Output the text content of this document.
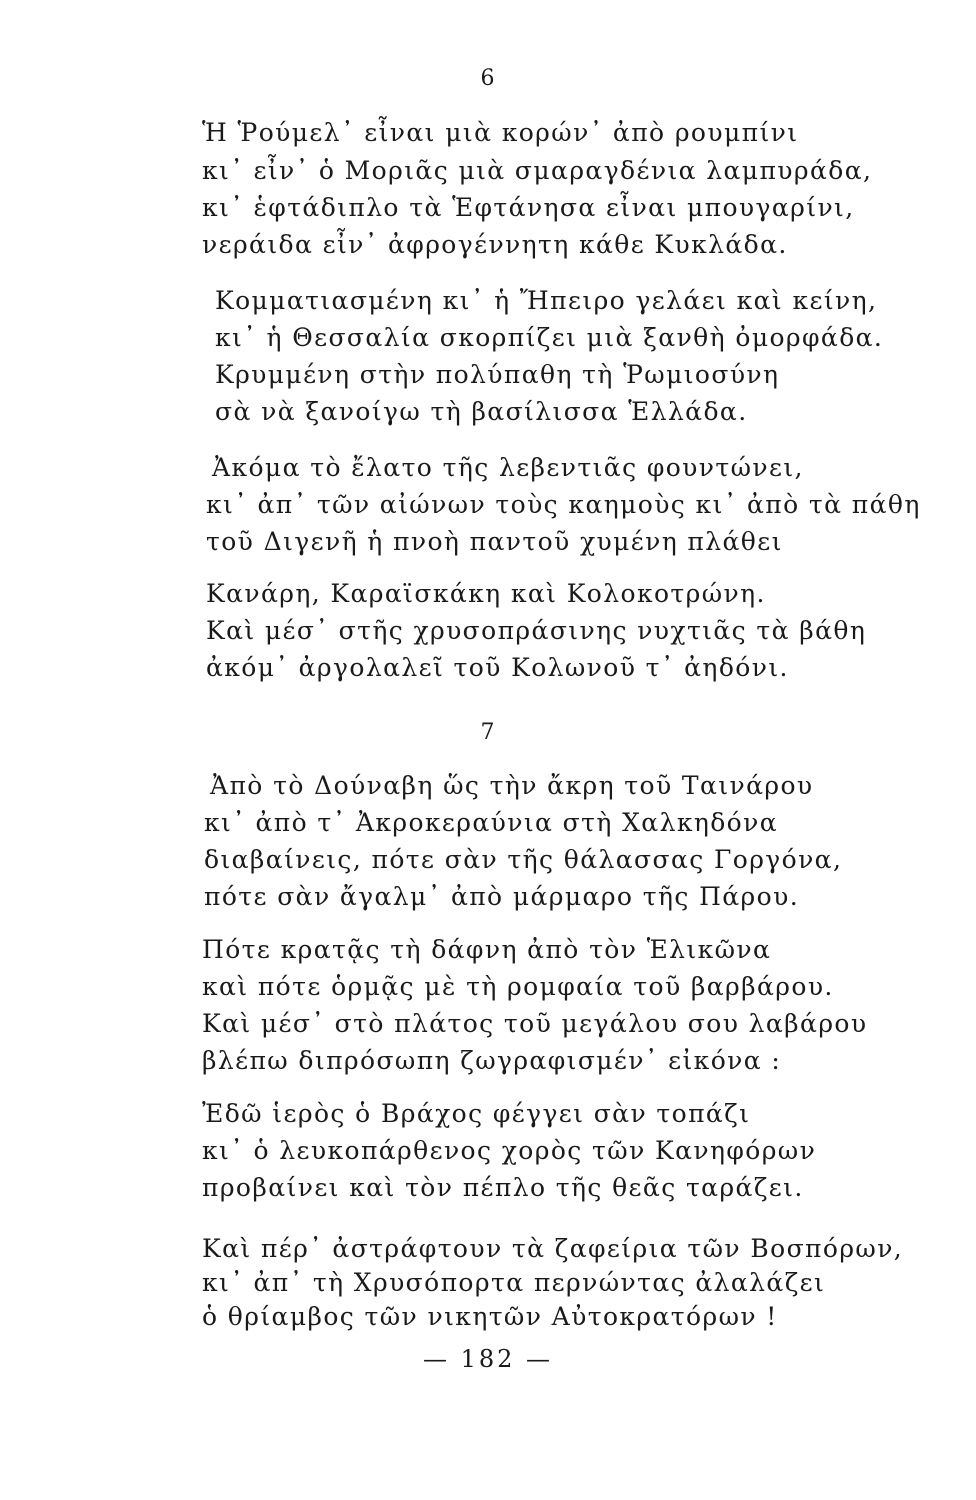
6
Ἡ Ῥούμελ᾽ εἶναι μιὰ κορών᾽ ἀπὸ ρουμπίνι
κι᾽ εἶν᾽ ὁ Μοριᾶς μιὰ σμαραγδένια λαμπυράδα,
κι᾽ ἑφτάδιπλο τὰ Ἑφτάνησα εἶναι μπουγαρίνι,
νεράιδα εἶν᾽ ἀφρογέννητη κάθε Κυκλάδα.
Κομματιασμένη κι᾽ ἡ Ἤπειρο γελάει καὶ κείνη,
κι᾽ ἡ Θεσσαλία σκορπίζει μιὰ ξανθὴ ὀμορφάδα.
Κρυμμένη στὴν πολύπαθη τὴ Ῥωμιοσύνη
σὰ νὰ ξανοίγω τὴ βασίλισσα Ἑλλάδα.
Ἀκόμα τὸ ἔλατο τῆς λεβεντιᾶς φουντώνει,
κι᾽ ἀπ᾽ τῶν αἰώνων τοὺς καημοὺς κι᾽ ἀπὸ τὰ πάθη
τοῦ Διγενῆ ἡ πνοὴ παντοῦ χυμένη πλάθει
Κανάρη, Καραϊσκάκη καὶ Κολοκοτρώνη.
Καὶ μέσ᾽ στῆς χρυσοπράσινης νυχτιᾶς τὰ βάθη
ἀκόμ᾽ ἀργολαλεῖ τοῦ Κολωνοῦ τ᾽ ἀηδόνι.
7
Ἀπὸ τὸ Δούναβη ὥς τὴν ἄκρη τοῦ Ταινάρου
κι᾽ ἀπὸ τ᾽ Ἀκροκεραύνια στὴ Χαλκηδόνα
διαβαίνεις, πότε σὰν τῆς θάλασσας Γοργόνα,
πότε σὰν ἄγαλμ᾽ ἀπὸ μάρμαρο τῆς Πάρου.
Πότε κρατᾷς τὴ δάφνη ἀπὸ τὸν Ἑλικῶνα
καὶ πότε ὁρμᾷς μὲ τὴ ρομφαία τοῦ βαρβάρου.
Καὶ μέσ᾽ στὸ πλάτος τοῦ μεγάλου σου λαβάρου
βλέπω διπρόσωπη ζωγραφισμέν᾽ εἰκόνα :
Ἐδῶ ἱερὸς ὁ Βράχος φέγγει σὰν τοπάζι
κι᾽ ὁ λευκοπάρθενος χορὸς τῶν Κανηφόρων
προβαίνει καὶ τὸν πέπλο τῆς θεᾶς ταράζει.
Καὶ πέρ᾽ ἀστράφτουν τὰ ζαφείρια τῶν Βοσπόρων,
κι᾽ ἀπ᾽ τὴ Χρυσόπορτα περνώντας ἀλαλάζει
ὁ θρίαμβος τῶν νικητῶν Αὐτοκρατόρων !
— 182 —
